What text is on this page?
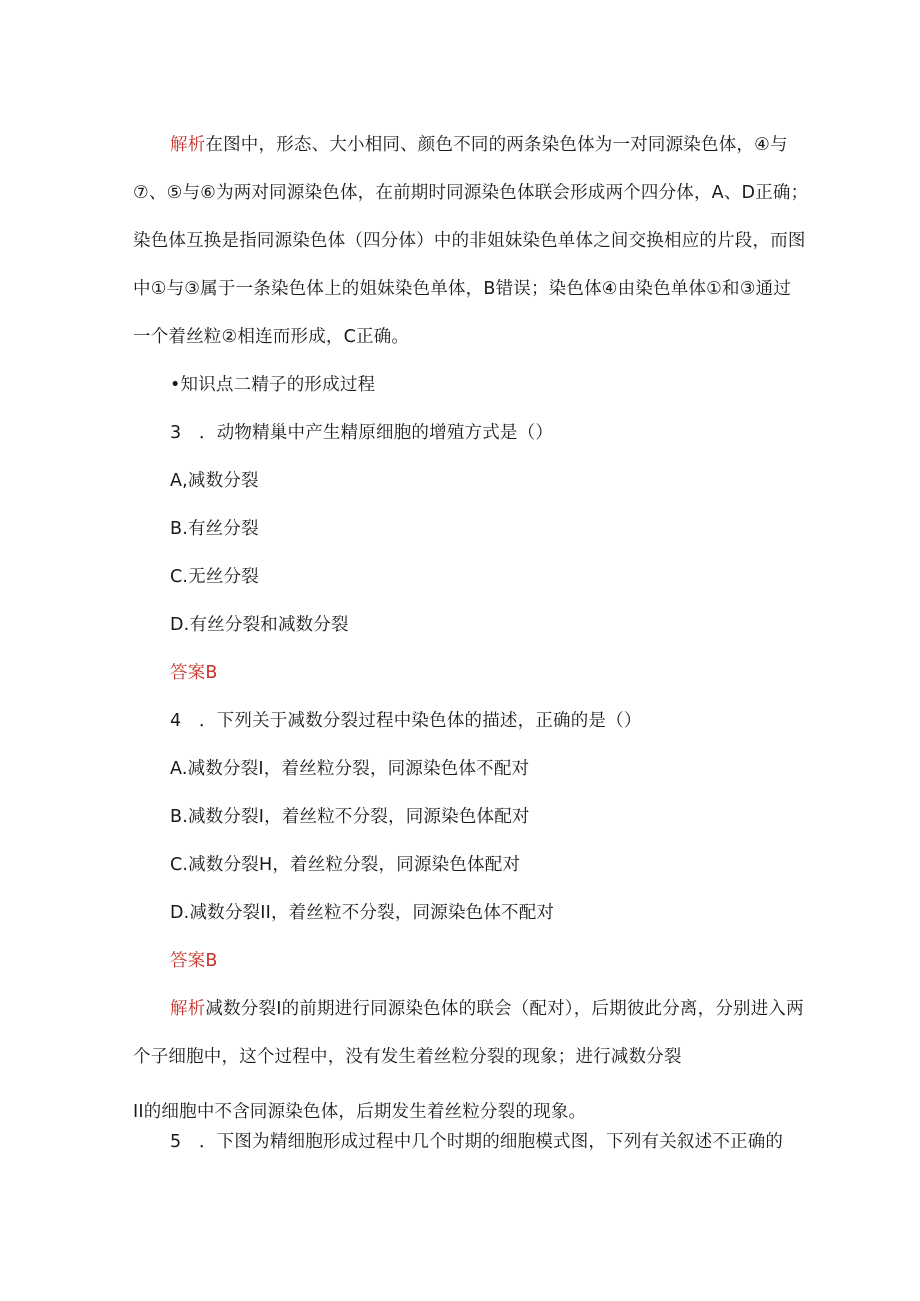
解析在图中，形态、大小相同、颜色不同的两条染色体为一对同源染色体，④与
⑦、⑤与⑥为两对同源染色体，在前期时同源染色体联会形成两个四分体，A、D正确；
染色体互换是指同源染色体（四分体）中的非姐妹染色单体之间交换相应的片段，而图
中①与③属于一条染色体上的姐妹染色单体，B错误；染色体④由染色单体①和③通过
一个着丝粒②相连而形成，C正确。
•知识点二精子的形成过程
3　．动物精巢中产生精原细胞的增殖方式是（）
A,减数分裂
B.有丝分裂
C.无丝分裂
D.有丝分裂和减数分裂
答案B
4　．下列关于减数分裂过程中染色体的描述，正确的是（）
A.减数分裂I，着丝粒分裂，同源染色体不配对
B.减数分裂I，着丝粒不分裂，同源染色体配对
C.减数分裂H，着丝粒分裂，同源染色体配对
D.减数分裂II，着丝粒不分裂，同源染色体不配对
答案B
解析减数分裂I的前期进行同源染色体的联会（配对），后期彼此分离，分别进入两
个子细胞中，这个过程中，没有发生着丝粒分裂的现象；进行减数分裂
II的细胞中不含同源染色体，后期发生着丝粒分裂的现象。
5　．下图为精细胞形成过程中几个时期的细胞模式图，下列有关叙述不正确的
